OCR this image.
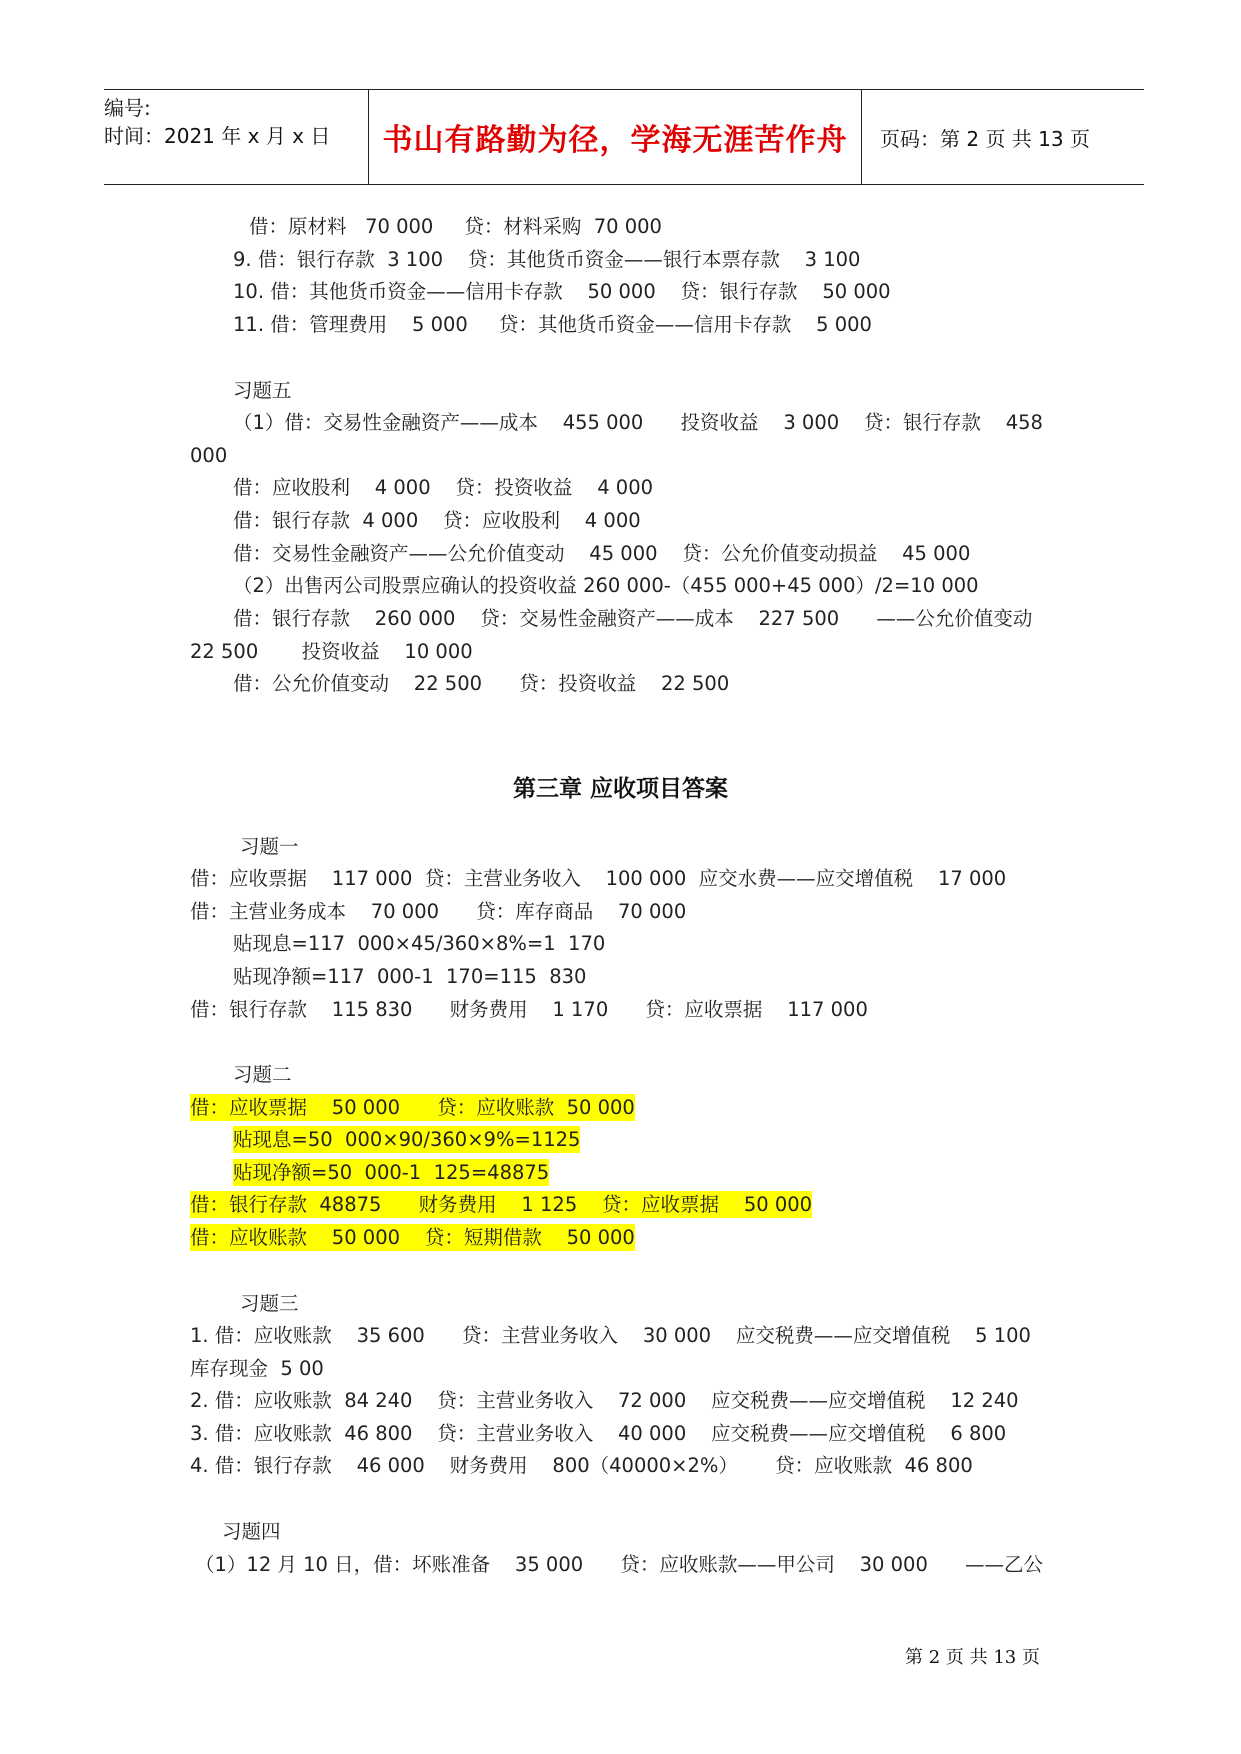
编号:
时间：2021 年 x 月 x 日	书山有路勤为径，学海无涯苦作舟 页码：第 2 页 共 13 页
借：原材料   70 000     贷：材料采购  70 000
9. 借：银行存款  3 100    贷：其他货币资金——银行本票存款    3 100
10. 借：其他货币资金——信用卡存款    50 000    贷：银行存款    50 000
11. 借：管理费用    5 000     贷：其他货币资金——信用卡存款    5 000
习题五
（1）借：交易性金融资产——成本    455 000      投资收益    3 000    贷：银行存款    458
000
借：应收股利    4 000    贷：投资收益    4 000
借：银行存款  4 000    贷：应收股利    4 000
借：交易性金融资产——公允价值变动    45 000    贷：公允价值变动损益    45 000
（2）出售丙公司股票应确认的投资收益 260 000-（455 000+45 000）/2=10 000
借：银行存款    260 000    贷：交易性金融资产——成本    227 500      ——公允价值变动
22 500       投资收益    10 000
借：公允价值变动    22 500      贷：投资收益    22 500
第三章 应收项目答案
习题一
借：应收票据    117 000  贷：主营业务收入    100 000  应交水费——应交增值税    17 000
借：主营业务成本    70 000      贷：库存商品    70 000
贴现息=117  000×45/360×8%=1  170
贴现净额=117  000-1  170=115  830
借：银行存款    115 830      财务费用    1 170      贷：应收票据    117 000
习题二
借：应收票据    50 000      贷：应收账款  50 000
贴现息=50  000×90/360×9%=1125
贴现净额=50  000-1  125=48875
借：银行存款  48875      财务费用    1 125    贷：应收票据    50 000
借：应收账款    50 000    贷：短期借款    50 000
习题三
1. 借：应收账款    35 600      贷：主营业务收入    30 000    应交税费——应交增值税    5 100
库存现金  5 00
2. 借：应收账款  84 240    贷：主营业务收入    72 000    应交税费——应交增值税    12 240
3. 借：应收账款  46 800    贷：主营业务收入    40 000    应交税费——应交增值税    6 800
4. 借：银行存款    46 000    财务费用    800（40000×2%）      贷：应收账款  46 800
习题四
（1）12 月 10 日，借：坏账准备    35 000      贷：应收账款——甲公司    30 000      ——乙公
第 2 页 共 13 页
